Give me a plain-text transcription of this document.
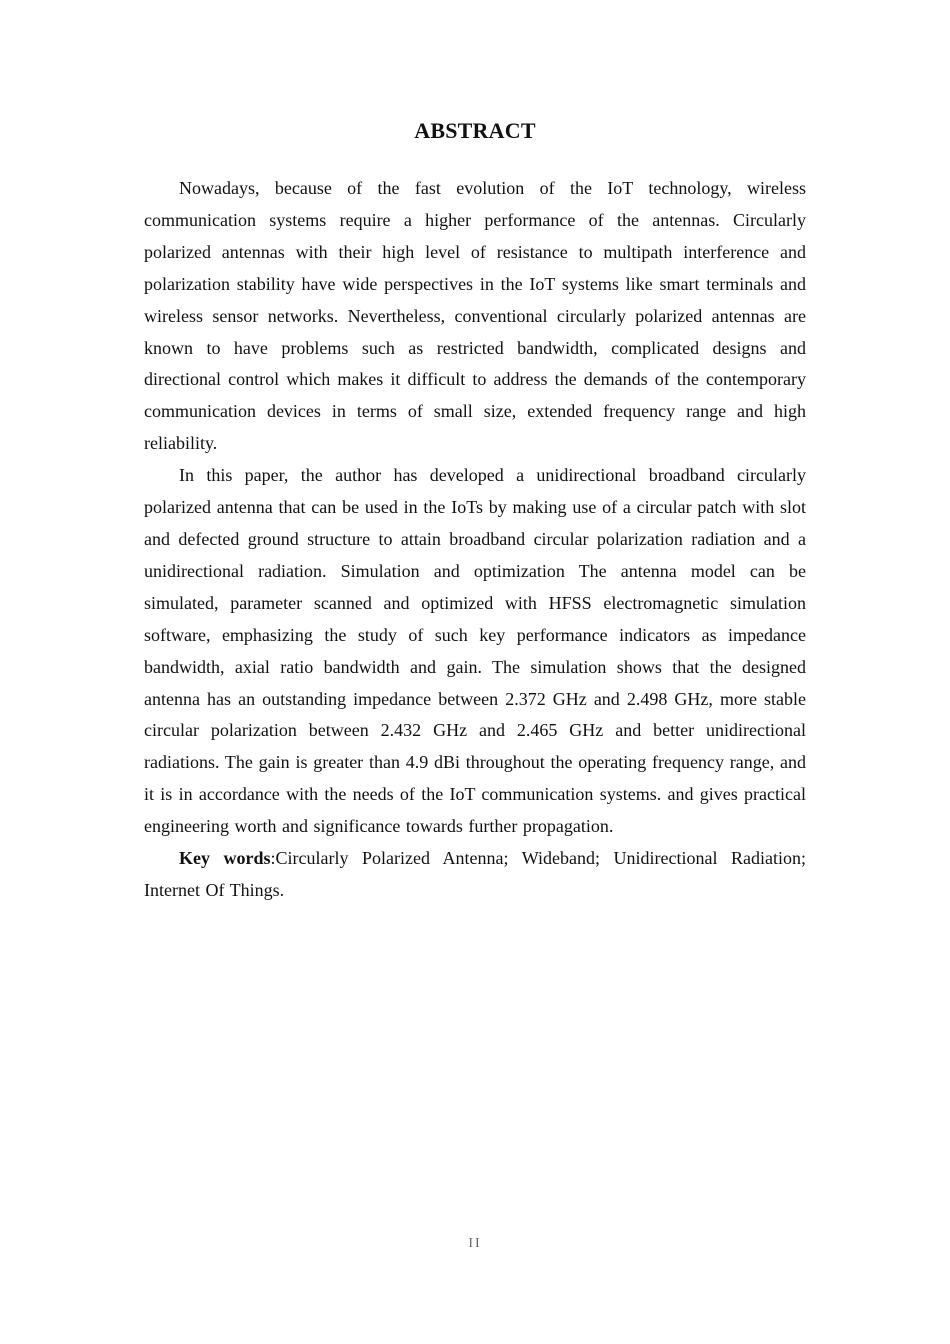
ABSTRACT

Nowadays, because of the fast evolution of the IoT technology, wireless communication systems require a higher performance of the antennas. Circularly polarized antennas with their high level of resistance to multipath interference and polarization stability have wide perspectives in the IoT systems like smart terminals and wireless sensor networks. Nevertheless, conventional circularly polarized antennas are known to have problems such as restricted bandwidth, complicated designs and directional control which makes it difficult to address the demands of the contemporary communication devices in terms of small size, extended frequency range and high reliability.

In this paper, the author has developed a unidirectional broadband circularly polarized antenna that can be used in the IoTs by making use of a circular patch with slot and defected ground structure to attain broadband circular polarization radiation and a unidirectional radiation. Simulation and optimization The antenna model can be simulated, parameter scanned and optimized with HFSS electromagnetic simulation software, emphasizing the study of such key performance indicators as impedance bandwidth, axial ratio bandwidth and gain. The simulation shows that the designed antenna has an outstanding impedance between 2.372 GHz and 2.498 GHz, more stable circular polarization between 2.432 GHz and 2.465 GHz and better unidirectional radiations. The gain is greater than 4.9 dBi throughout the operating frequency range, and it is in accordance with the needs of the IoT communication systems. and gives practical engineering worth and significance towards further propagation.

Key words:Circularly Polarized Antenna; Wideband; Unidirectional Radiation; Internet Of Things.

II
